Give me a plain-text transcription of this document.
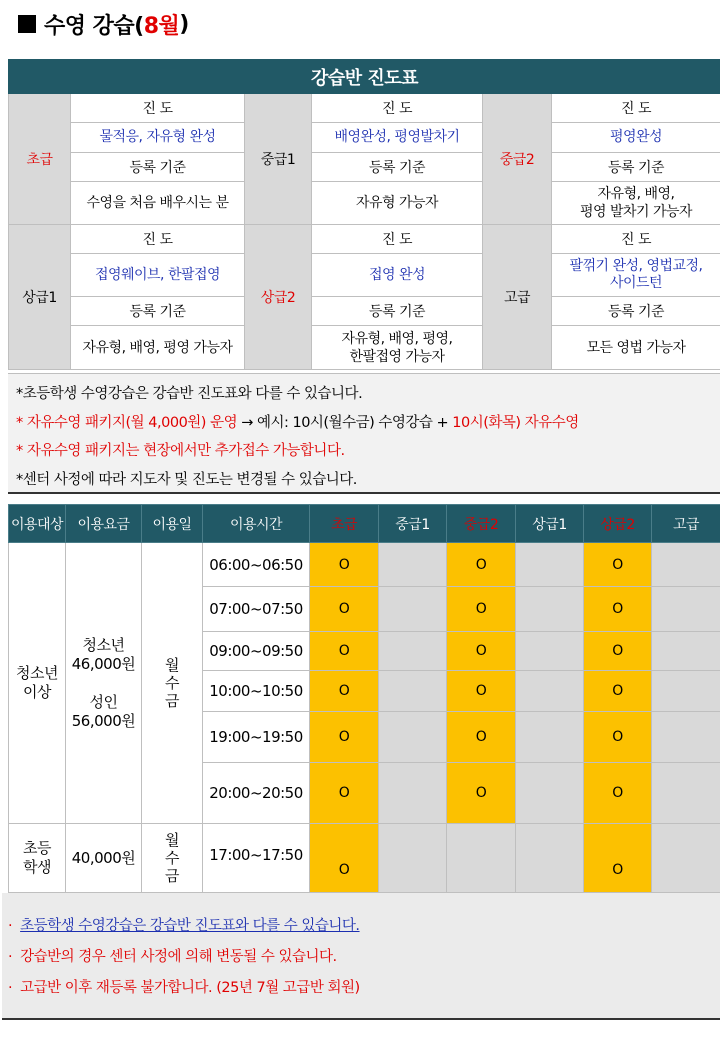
수영 강습( 8월 )
강습반 진도표					
초급	진 도	중급1	진 도	중급2	진 도
	물적응, 자유형 완성		배영완성, 평영발차기		평영완성
	등록 기준		등록 기준		등록 기준
	수영을 처음 배우시는 분		자유형 가능자		자유형, 배영,
평영 발차기 가능자
상급1	진 도	상급2	진 도	고급	진 도
	접영웨이브, 한팔접영		접영 완성		팔꺾기 완성, 영법교정,
사이드턴
	등록 기준		등록 기준		등록 기준
	자유형, 배영, 평영 가능자		자유형, 배영, 평영,
한팔접영 가능자		모든 영법 가능자
*초등학생 수영강습은 강습반 진도표와 다를 수 있습니다.
* 자유수영 패키지(월 4,000원) 운영 → 예시: 10시(월수금) 수영강습 + 10시(화목) 자유수영
* 자유수영 패키지는 현장에서만 추가접수 가능합니다.
*센터 사정에 따라 지도자 및 진도는 변경될 수 있습니다.
이용대상	이용요금	이용일	이용시간	초급	중급1	중급2	상급1	상급2	고급
청소년
이상	청소년
46,000원

성인
56,000원	월
수
금	06:00~06:50	O		O		O	
			07:00~07:50	O		O		O	
			09:00~09:50	O		O		O	
			10:00~10:50	O		O		O	
			19:00~19:50	O		O		O	
			20:00~20:50	O		O		O	
초등
학생	40,000원	월
수
금	17:00~17:50	O				O	
· 초등학생 수영강습은 강습반 진도표와 다를 수 있습니다.
· 강습반의 경우 센터 사정에 의해 변동될 수 있습니다.
· 고급반 이후 재등록 불가합니다. (25년 7월 고급반 회원)
